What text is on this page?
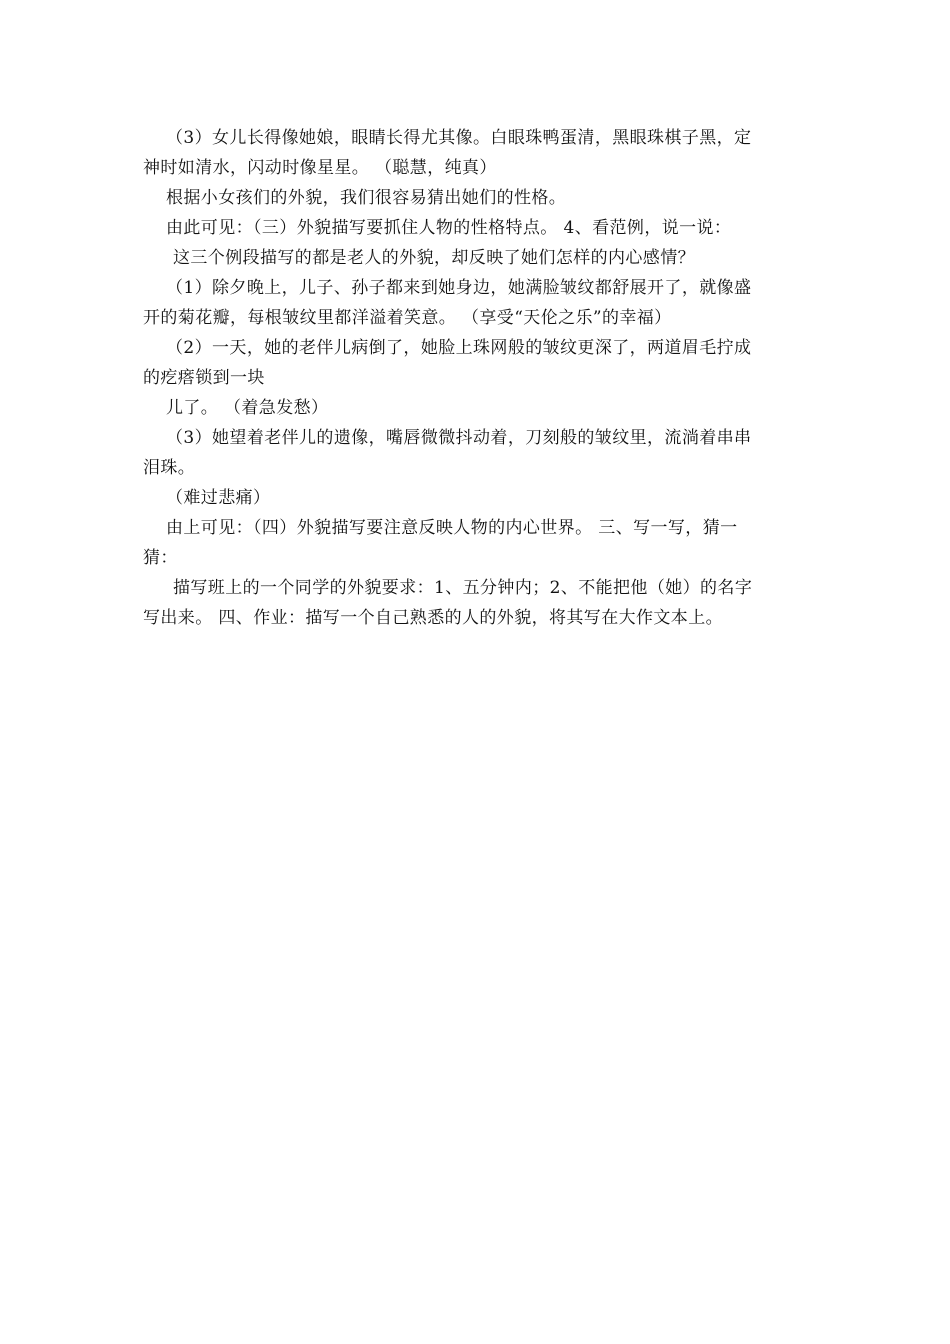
（3）女儿长得像她娘，眼睛长得尤其像。白眼珠鸭蛋清，黑眼珠棋子黑，定
神时如清水，闪动时像星星。 （聪慧，纯真）
根据小女孩们的外貌，我们很容易猜出她们的性格。
由此可见：（三）外貌描写要抓住人物的性格特点。 4、看范例，说一说：
这三个例段描写的都是老人的外貌，却反映了她们怎样的内心感情？
（1）除夕晚上，儿子、孙子都来到她身边，她满脸皱纹都舒展开了，就像盛
开的菊花瓣，每根皱纹里都洋溢着笑意。 （享受“天伦之乐”的幸福）
（2）一天，她的老伴儿病倒了，她脸上珠网般的皱纹更深了，两道眉毛拧成
的疙瘩锁到一块
儿了。 （着急发愁）
（3）她望着老伴儿的遗像，嘴唇微微抖动着，刀刻般的皱纹里，流淌着串串
泪珠。
（难过悲痛）
由上可见：（四）外貌描写要注意反映人物的内心世界。 三、写一写，猜一
猜：
描写班上的一个同学的外貌要求：1、五分钟内；2、不能把他（她）的名字
写出来。 四、作业：描写一个自己熟悉的人的外貌，将其写在大作文本上。
